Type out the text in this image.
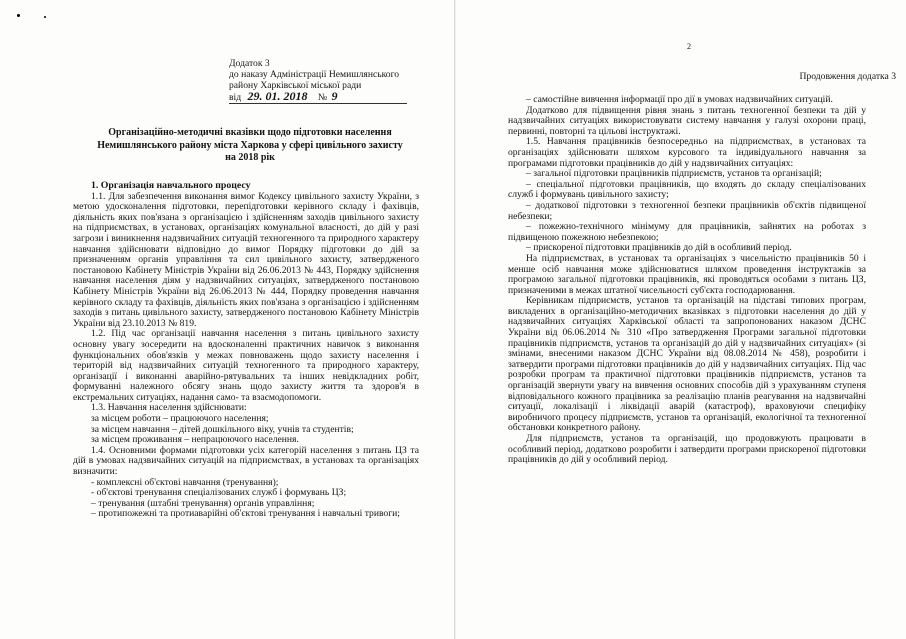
Додаток 3

до наказу Адміністрації Немишлянського

району Харківської міської ради

від 29. 01. 2018 № 9

Організаційно-методичні вказівки щодо підготовки населення

Немишлянського району міста Харкова у сфері цивільного захисту

на 2018 рік

1. Організація навчального процесу

1.1. Для забезпечення виконання вимог Кодексу цивільного захисту України, з метою удосконалення підготовки, перепідготовки керівного складу і фахівців, діяльність яких пов'язана з організацією і здійсненням заходів цивільного захисту на підприємствах, в установах, організаціях комунальної власності, до дій у разі загрози і виникнення надзвичайних ситуацій техногенного та природного характеру навчання здійснювати відповідно до вимог Порядку підготовки до дій за призначенням органів управління та сил цивільного захисту, затвердженого постановою Кабінету Міністрів України від 26.06.2013 № 443, Порядку здійснення навчання населення діям у надзвичайних ситуаціях, затвердженого постановою Кабінету Міністрів України від 26.06.2013 № 444, Порядку проведення навчання керівного складу та фахівців, діяльність яких пов'язана з організацією і здійсненням заходів з питань цивільного захисту, затвердженого постановою Кабінету Міністрів України від 23.10.2013 № 819.

1.2. Під час організації навчання населення з питань цивільного захисту основну увагу зосередити на вдосконаленні практичних навичок з виконання функціональних обов'язків у межах повноважень щодо захисту населення і територій від надзвичайних ситуацій техногенного та природного характеру, організації і виконанні аварійно-рятувальних та інших невідкладних робіт, формуванні належного обсягу знань щодо захисту життя та здоров'я в екстремальних ситуаціях, надання само- та взаємодопомоги.

1.3. Навчання населення здійснювати:

за місцем роботи – працюючого населення;

за місцем навчання – дітей дошкільного віку, учнів та студентів;

за місцем проживання – непрацюючого населення.

1.4. Основними формами підготовки усіх категорій населення з питань ЦЗ та дій в умовах надзвичайних ситуацій на підприємствах, в установах та організаціях визначити:

- комплексні об'єктові навчання (тренування);

- об'єктові тренування спеціалізованих служб і формувань ЦЗ;

– тренування (штабні тренування) органів управління;

– протипожежні та протиаварійні об'єктові тренування і навчальні тривоги;

2
Продовження додатка 3

– самостійне вивчення інформації про дії в умовах надзвичайних ситуацій.

Додатково для підвищення рівня знань з питань техногенної безпеки та дій у надзвичайних ситуаціях використовувати систему навчання у галузі охорони праці, первинні, повторні та цільові інструктажі.

1.5. Навчання працівників безпосередньо на підприємствах, в установах та організаціях здійснювати шляхом курсового та індивідуального навчання за програмами підготовки працівників до дій у надзвичайних ситуаціях:

– загальної підготовки працівників підприємств, установ та організацій;

– спеціальної підготовки працівників, що входять до складу спеціалізованих служб і формувань цивільного захисту;

– додаткової підготовки з техногенної безпеки працівників об'єктів підвищеної небезпеки;

– пожежно-технічного мінімуму для працівників, зайнятих на роботах з підвищеною пожежною небезпекою;

– прискореної підготовки працівників до дій в особливий період.

На підприємствах, в установах та організаціях з чисельністю працівників 50 і менше осіб навчання може здійснюватися шляхом проведення інструктажів за програмою загальної підготовки працівників, які проводяться особами з питань ЦЗ, призначеними в межах штатної чисельності суб'єкта господарювання.

Керівникам підприємств, установ та організацій на підставі типових програм, викладених в організаційно-методичних вказівках з підготовки населення до дій у надзвичайних ситуаціях Харківської області та запропонованих наказом ДСНС України від 06.06.2014 № 310 «Про затвердження Програми загальної підготовки працівників підприємств, установ та організацій до дій у надзвичайних ситуаціях» (зі змінами, внесеними наказом ДСНС України від 08.08.2014 № 458), розробити і затвердити програми підготовки працівників до дій у надзвичайних ситуаціях. Під час розробки програм та практичної підготовки працівників підприємств, установ та організацій звернути увагу на вивчення основних способів дій з урахуванням ступеня відповідального кожного працівника за реалізацію планів реагування на надзвичайні ситуації, локалізації і ліквідації аварій (катастроф), враховуючи специфіку виробничого процесу підприємств, установ та організацій, екологічної та техногенної обстановки конкретного району.

Для підприємств, установ та організацій, що продовжують працювати в особливий період, додатково розробити і затвердити програми прискореної підготовки працівників до дій у особливий період.
